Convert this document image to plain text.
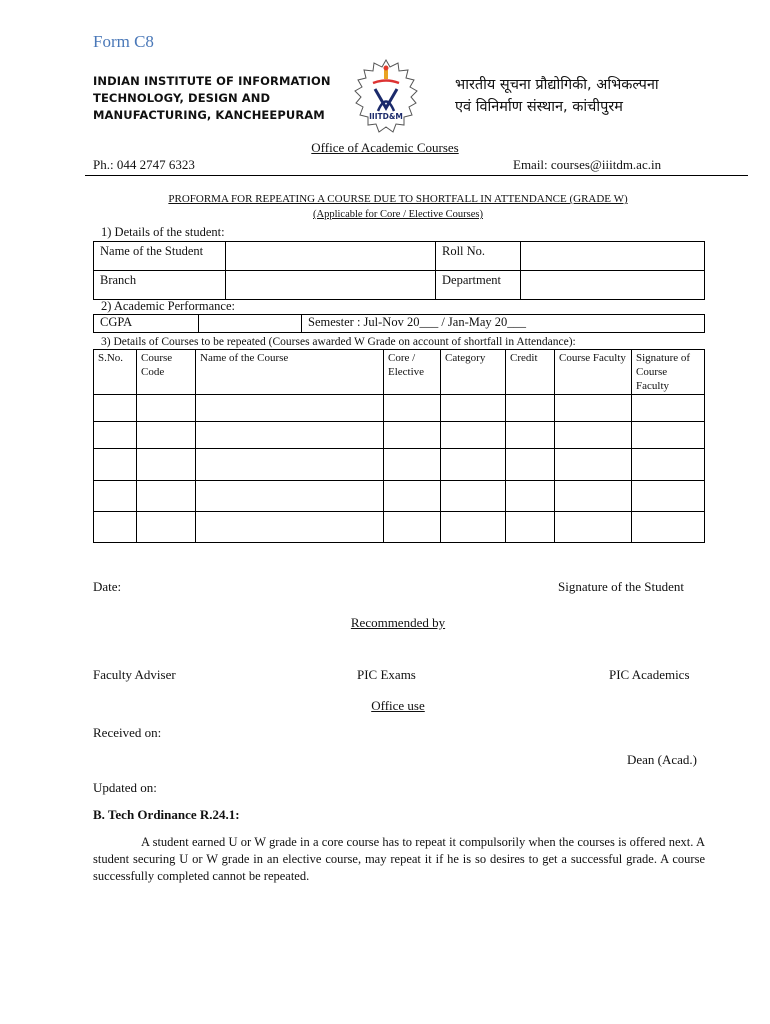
Form C8
INDIAN INSTITUTE OF INFORMATION
TECHNOLOGY, DESIGN AND
MANUFACTURING, KANCHEEPURAM	IIITD&M
भारतीय सूचना प्रौद्योगिकी, अभिकल्पना
एवं विनिर्माण संस्थान, कांचीपुरम
Office of Academic Courses
Ph.: 044 2747 6323	Email: courses@iiitdm.ac.in
PROFORMA FOR REPEATING A COURSE DUE TO SHORTFALL IN ATTENDANCE (GRADE W)
(Applicable for Core / Elective Courses)
1) Details of the student:
Name of the Student		Roll No.	
Branch		Department	
2) Academic Performance:
CGPA		Semester : Jul-Nov 20___ / Jan-May 20___
3) Details of Courses to be repeated (Courses awarded W Grade on account of shortfall in Attendance):
S.No.	Course Code	Name of the Course	Core / Elective	Category	Credit	Course Faculty	Signature of Course Faculty

Date:	Signature of the Student
Recommended by
Faculty Adviser	PIC Exams	PIC Academics
Office use
Received on:
Dean (Acad.)
Updated on:
B. Tech Ordinance R.24.1:
A student earned U or W grade in a core course has to repeat it compulsorily when the courses is offered next. A student securing U or W grade in an elective course, may repeat it if he is so desires to get a successful grade. A course successfully completed cannot be repeated.
